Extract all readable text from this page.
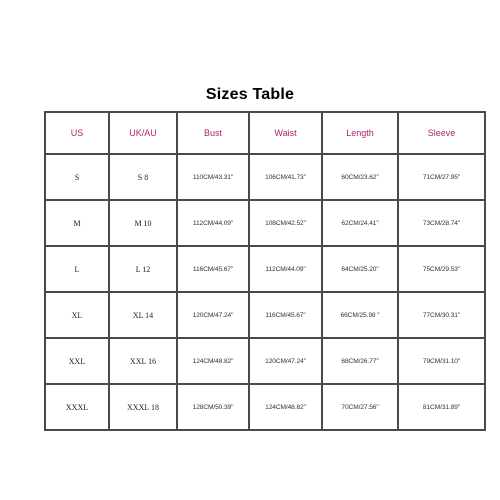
Sizes Table
US	UK/AU	Bust	Waist	Length	Sleeve
S	S 8	110CM/43.31"	106CM/41.73"	60CM/23.62"	71CM/27.95"
M	M 10	112CM/44.09"	108CM/42.52"	62CM/24.41"	73CM/28.74"
L	L 12	116CM/45.67"	112CM/44.09"	64CM/25.20"	75CM/29.53"
XL	XL 14	120CM/47.24"	116CM/45.67"	66CM/25.98 "	77CM/30.31"
XXL	XXL 16	124CM/48.82"	120CM/47.24"	68CM/26.77"	79CM/31.10"
XXXL	XXXL 18	128CM/50.39"	124CM/48.82"	70CM/27.56"	81CM/31.89"
